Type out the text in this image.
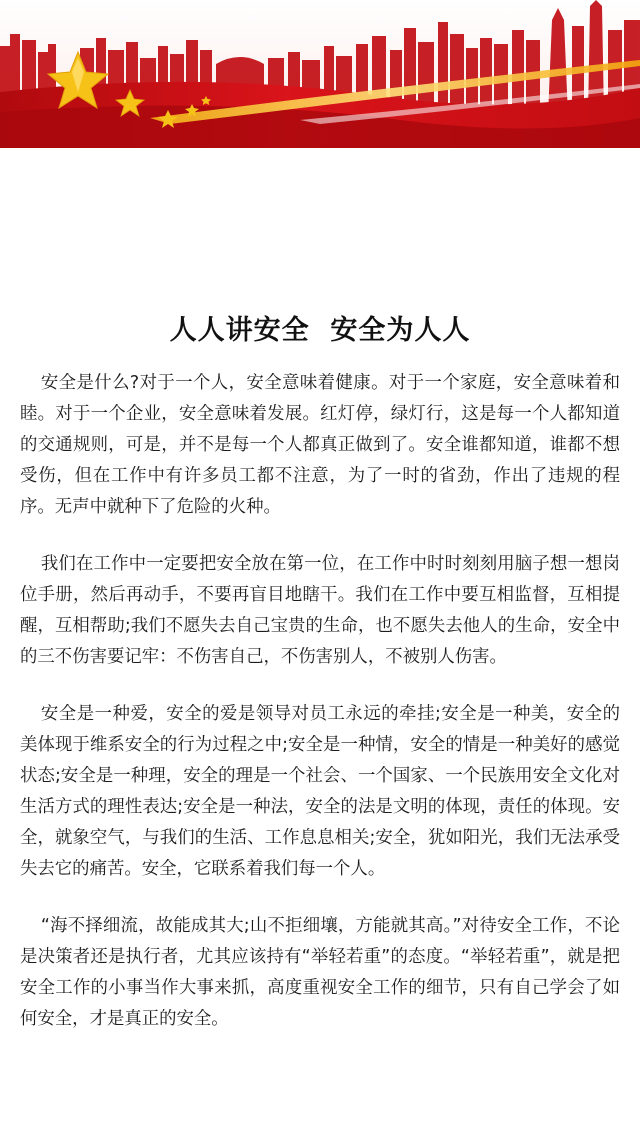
人人讲安全  安全为人人

安全是什么?对于一个人，安全意味着健康。对于一个家庭，安全意味着和睦。对于一个企业，安全意味着发展。红灯停，绿灯行，这是每一个人都知道的交通规则，可是，并不是每一个人都真正做到了。安全谁都知道，谁都不想受伤，但在工作中有许多员工都不注意，为了一时的省劲，作出了违规的程序。无声中就种下了危险的火种。

我们在工作中一定要把安全放在第一位，在工作中时时刻刻用脑子想一想岗位手册，然后再动手，不要再盲目地瞎干。我们在工作中要互相监督，互相提醒，互相帮助;我们不愿失去自己宝贵的生命，也不愿失去他人的生命，安全中的三不伤害要记牢：不伤害自己，不伤害别人，不被别人伤害。

安全是一种爱，安全的爱是领导对员工永远的牵挂;安全是一种美，安全的美体现于维系安全的行为过程之中;安全是一种情，安全的情是一种美好的感觉状态;安全是一种理，安全的理是一个社会、一个国家、一个民族用安全文化对生活方式的理性表达;安全是一种法，安全的法是文明的体现，责任的体现。安全，就象空气，与我们的生活、工作息息相关;安全，犹如阳光，我们无法承受失去它的痛苦。安全，它联系着我们每一个人。

“海不择细流，故能成其大;山不拒细壤，方能就其高。”对待安全工作，不论是决策者还是执行者，尤其应该持有“举轻若重”的态度。“举轻若重”，就是把安全工作的小事当作大事来抓，高度重视安全工作的细节，只有自己学会了如何安全，才是真正的安全。
